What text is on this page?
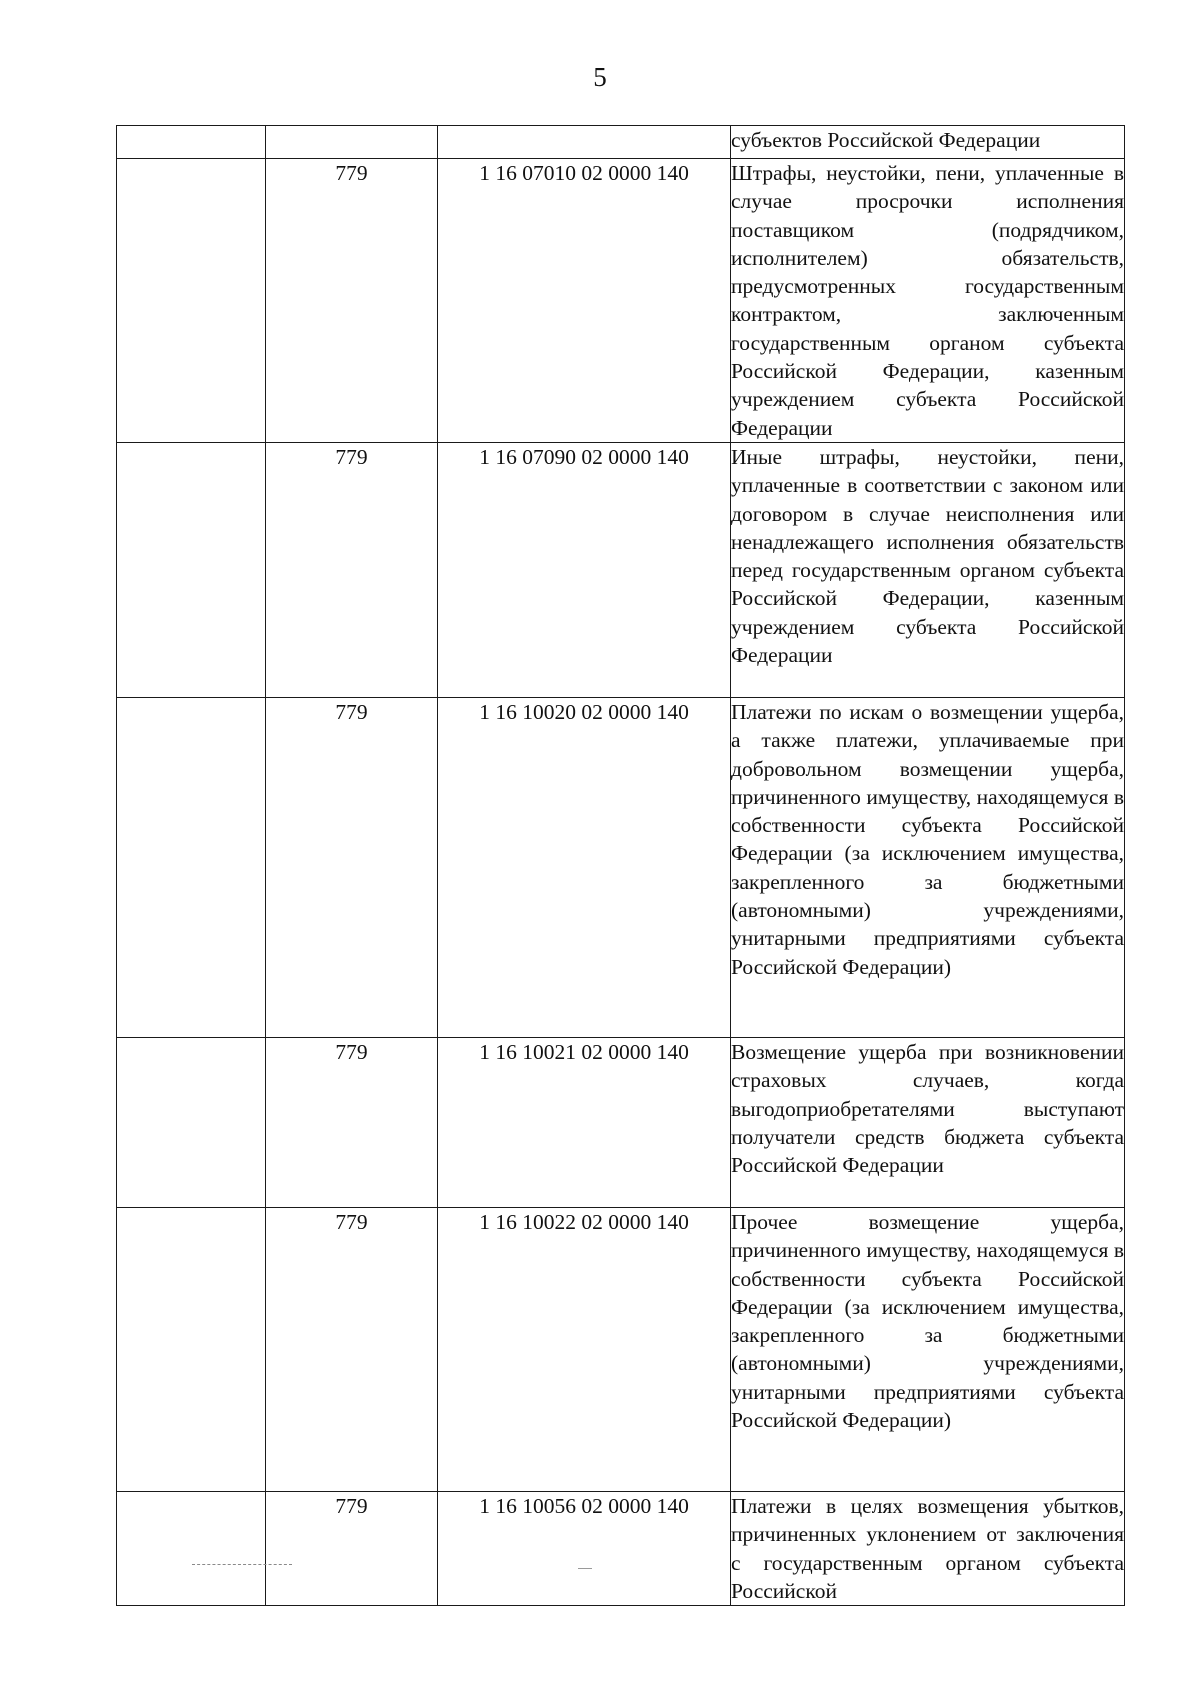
5
			субъектов Российской Федерации
	779	1 16 07010 02 0000 140	Штрафы, неустойки, пени, уплаченные в случае просрочки исполнения поставщиком (подрядчиком, исполнителем) обязательств, предусмотренных государственным контрактом, заключенным государственным органом субъекта Российской Федерации, казенным учреждением субъекта Российской Федерации
	779	1 16 07090 02 0000 140	Иные штрафы, неустойки, пени, уплаченные в соответствии с законом или договором в случае неисполнения или ненадлежащего исполнения обязательств перед государственным органом субъекта Российской Федерации, казенным учреждением субъекта Российской Федерации
	779	1 16 10020 02 0000 140	Платежи по искам о возмещении ущерба, а также платежи, уплачиваемые при добровольном возмещении ущерба, причиненного имуществу, находящемуся в собственности субъекта Российской Федерации (за исключением имущества, закрепленного за бюджетными (автономными) учреждениями, унитарными предприятиями субъекта Российской Федерации)
	779	1 16 10021 02 0000 140	Возмещение ущерба при возникновении страховых случаев, когда выгодоприобретателями выступают получатели средств бюджета субъекта Российской Федерации
	779	1 16 10022 02 0000 140	Прочее возмещение ущерба, причиненного имуществу, находящемуся в собственности субъекта Российской Федерации (за исключением имущества, закрепленного за бюджетными (автономными) учреждениями, унитарными предприятиями субъекта Российской Федерации)

	779	1 16 10056 02 0000 140	Платежи в целях возмещения убытков, причиненных уклонением от заключения с государственным органом субъекта Российской
